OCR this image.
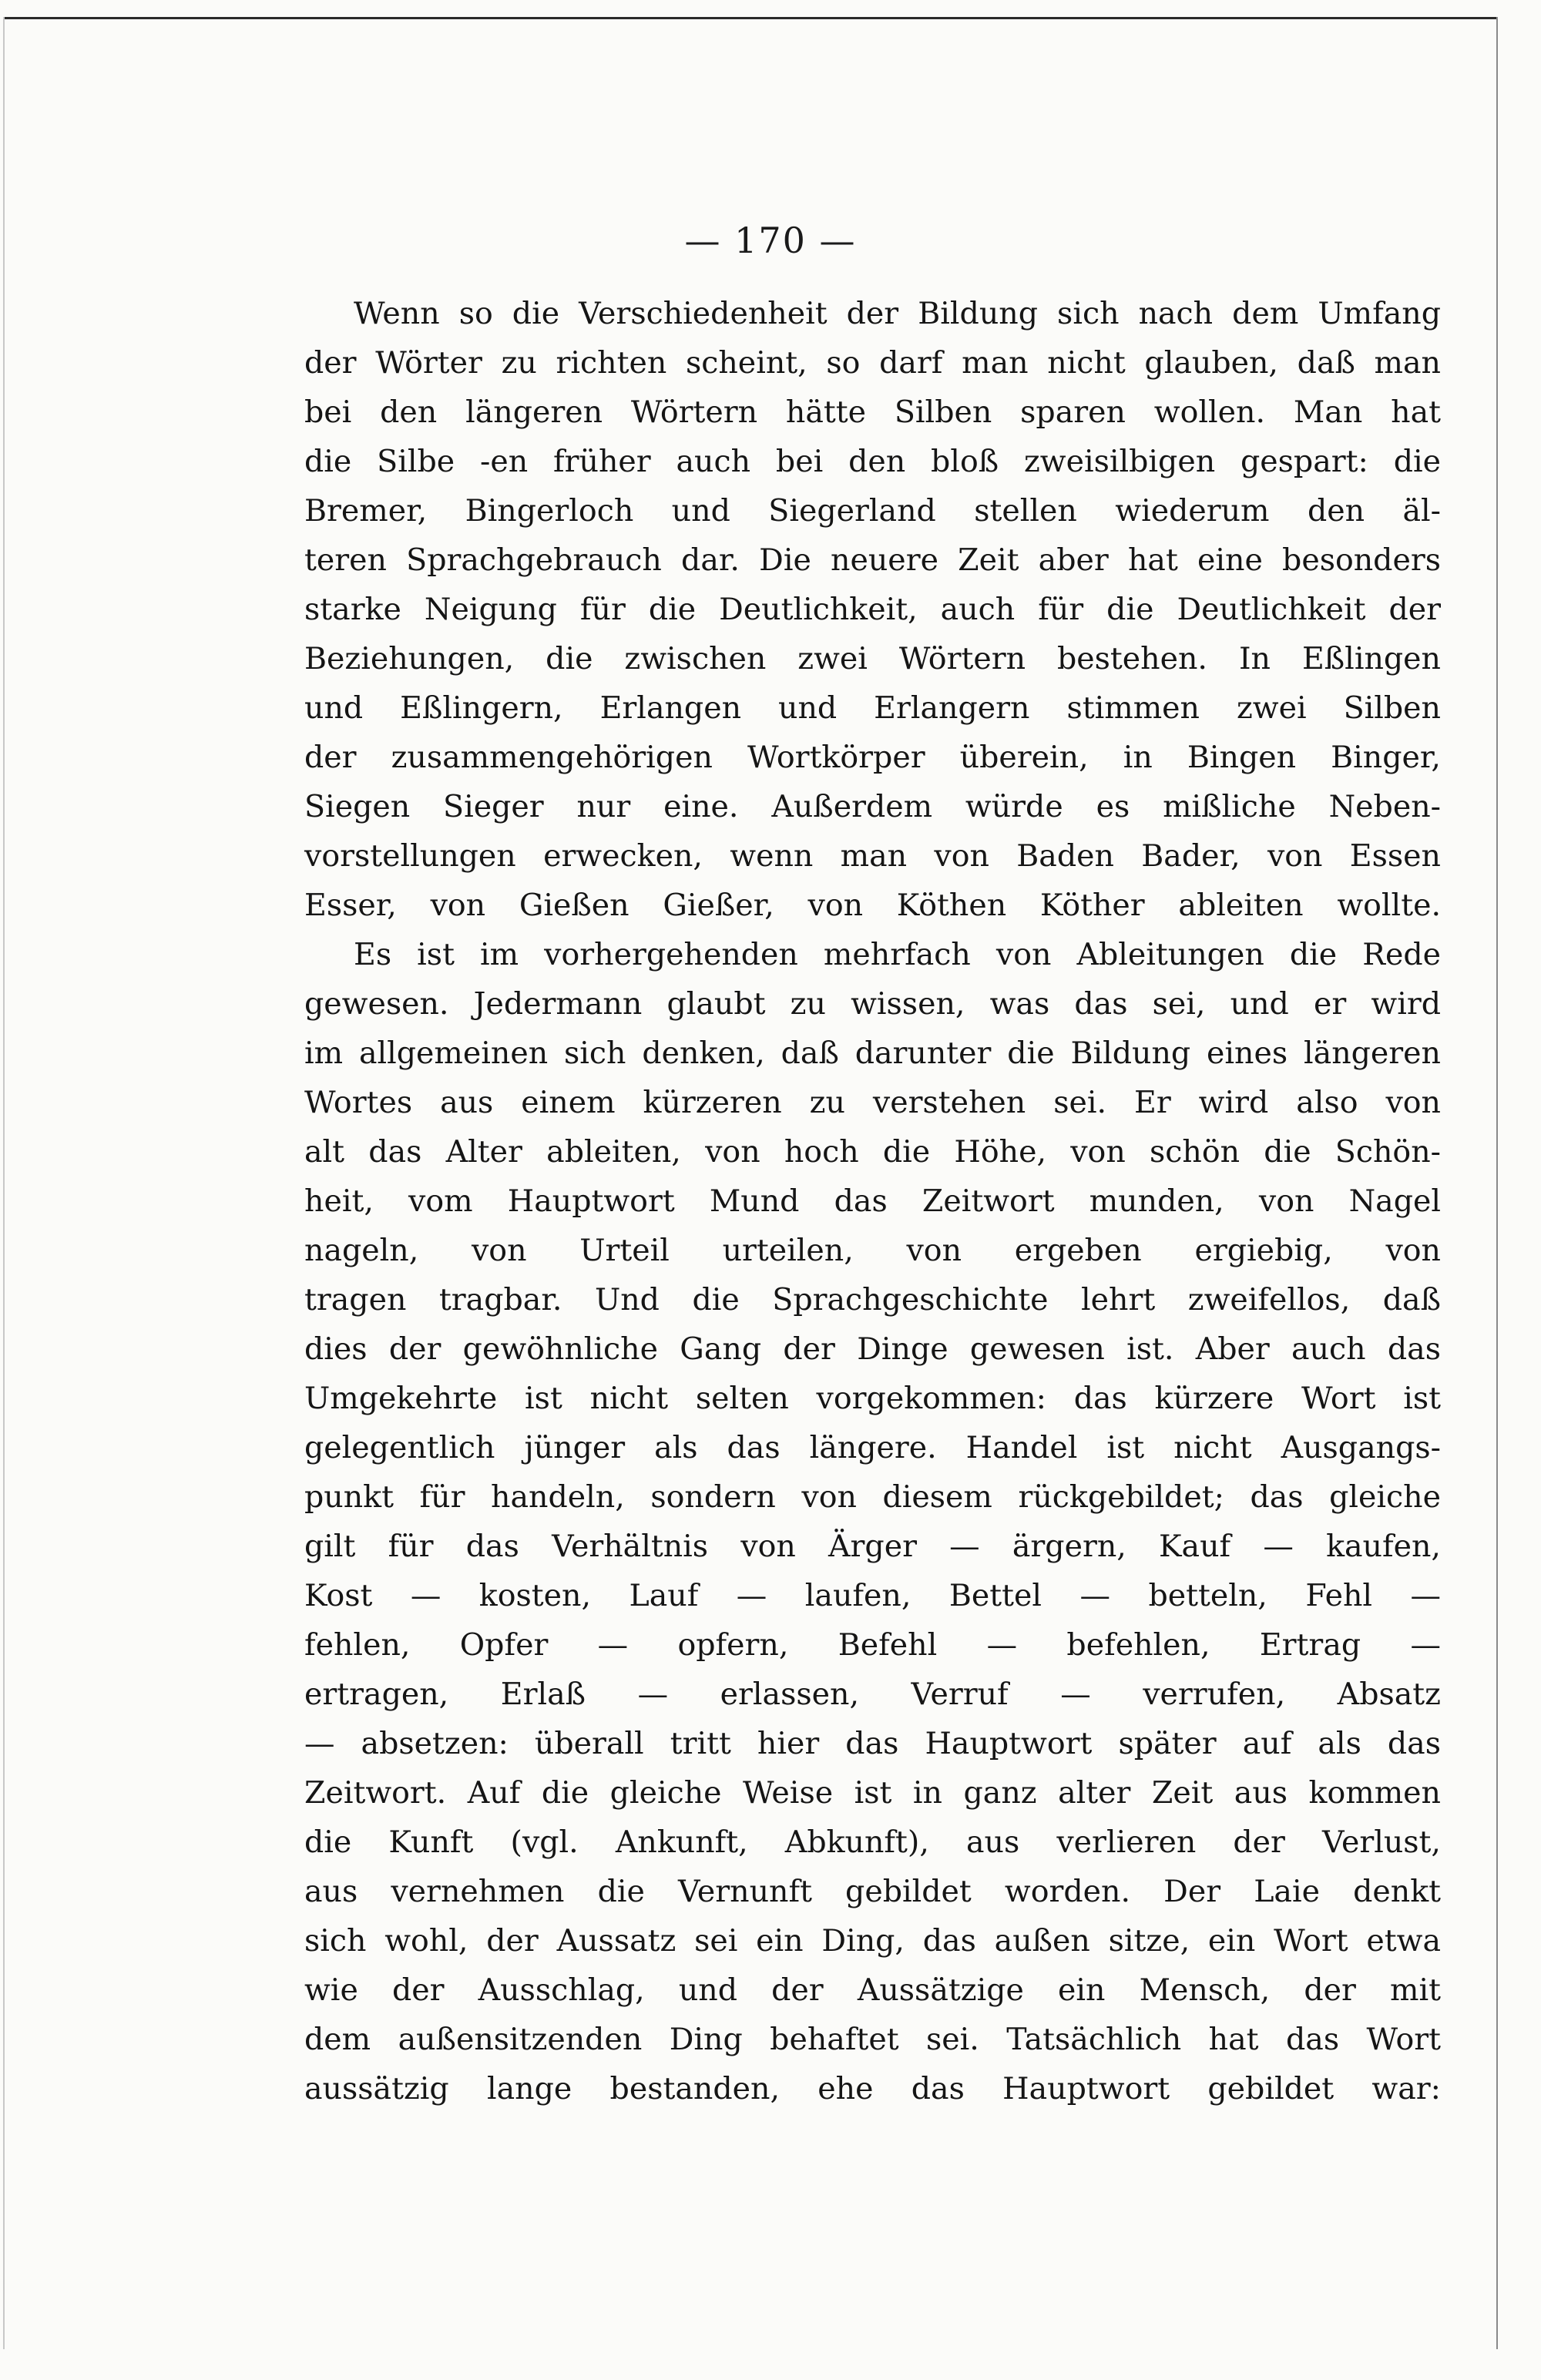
— 170 —
Wenn so die Verschiedenheit der Bildung sich nach dem Umfang
der Wörter zu richten scheint, so darf man nicht glauben, daß man
bei den längeren Wörtern hätte Silben sparen wollen. Man hat
die Silbe -en früher auch bei den bloß zweisilbigen gespart: die
Bremer, Bingerloch und Siegerland stellen wiederum den äl-
teren Sprachgebrauch dar. Die neuere Zeit aber hat eine besonders
starke Neigung für die Deutlichkeit, auch für die Deutlichkeit der
Beziehungen, die zwischen zwei Wörtern bestehen. In Eßlingen
und Eßlingern, Erlangen und Erlangern stimmen zwei Silben
der zusammengehörigen Wortkörper überein, in Bingen Binger,
Siegen Sieger nur eine. Außerdem würde es mißliche Neben-
vorstellungen erwecken, wenn man von Baden Bader, von Essen
Esser, von Gießen Gießer, von Köthen Köther ableiten wollte.
Es ist im vorhergehenden mehrfach von Ableitungen die Rede
gewesen. Jedermann glaubt zu wissen, was das sei, und er wird
im allgemeinen sich denken, daß darunter die Bildung eines längeren
Wortes aus einem kürzeren zu verstehen sei. Er wird also von
alt das Alter ableiten, von hoch die Höhe, von schön die Schön-
heit, vom Hauptwort Mund das Zeitwort munden, von Nagel
nageln, von Urteil urteilen, von ergeben ergiebig, von
tragen tragbar. Und die Sprachgeschichte lehrt zweifellos, daß
dies der gewöhnliche Gang der Dinge gewesen ist. Aber auch das
Umgekehrte ist nicht selten vorgekommen: das kürzere Wort ist
gelegentlich jünger als das längere. Handel ist nicht Ausgangs-
punkt für handeln, sondern von diesem rückgebildet; das gleiche
gilt für das Verhältnis von Ärger — ärgern, Kauf — kaufen,
Kost — kosten, Lauf — laufen, Bettel — betteln, Fehl —
fehlen, Opfer — opfern, Befehl — befehlen, Ertrag —
ertragen, Erlaß — erlassen, Verruf — verrufen, Absatz
— absetzen: überall tritt hier das Hauptwort später auf als das
Zeitwort. Auf die gleiche Weise ist in ganz alter Zeit aus kommen
die Kunft (vgl. Ankunft, Abkunft), aus verlieren der Verlust,
aus vernehmen die Vernunft gebildet worden. Der Laie denkt
sich wohl, der Aussatz sei ein Ding, das außen sitze, ein Wort etwa
wie der Ausschlag, und der Aussätzige ein Mensch, der mit
dem außensitzenden Ding behaftet sei. Tatsächlich hat das Wort
aussätzig lange bestanden, ehe das Hauptwort gebildet war:
